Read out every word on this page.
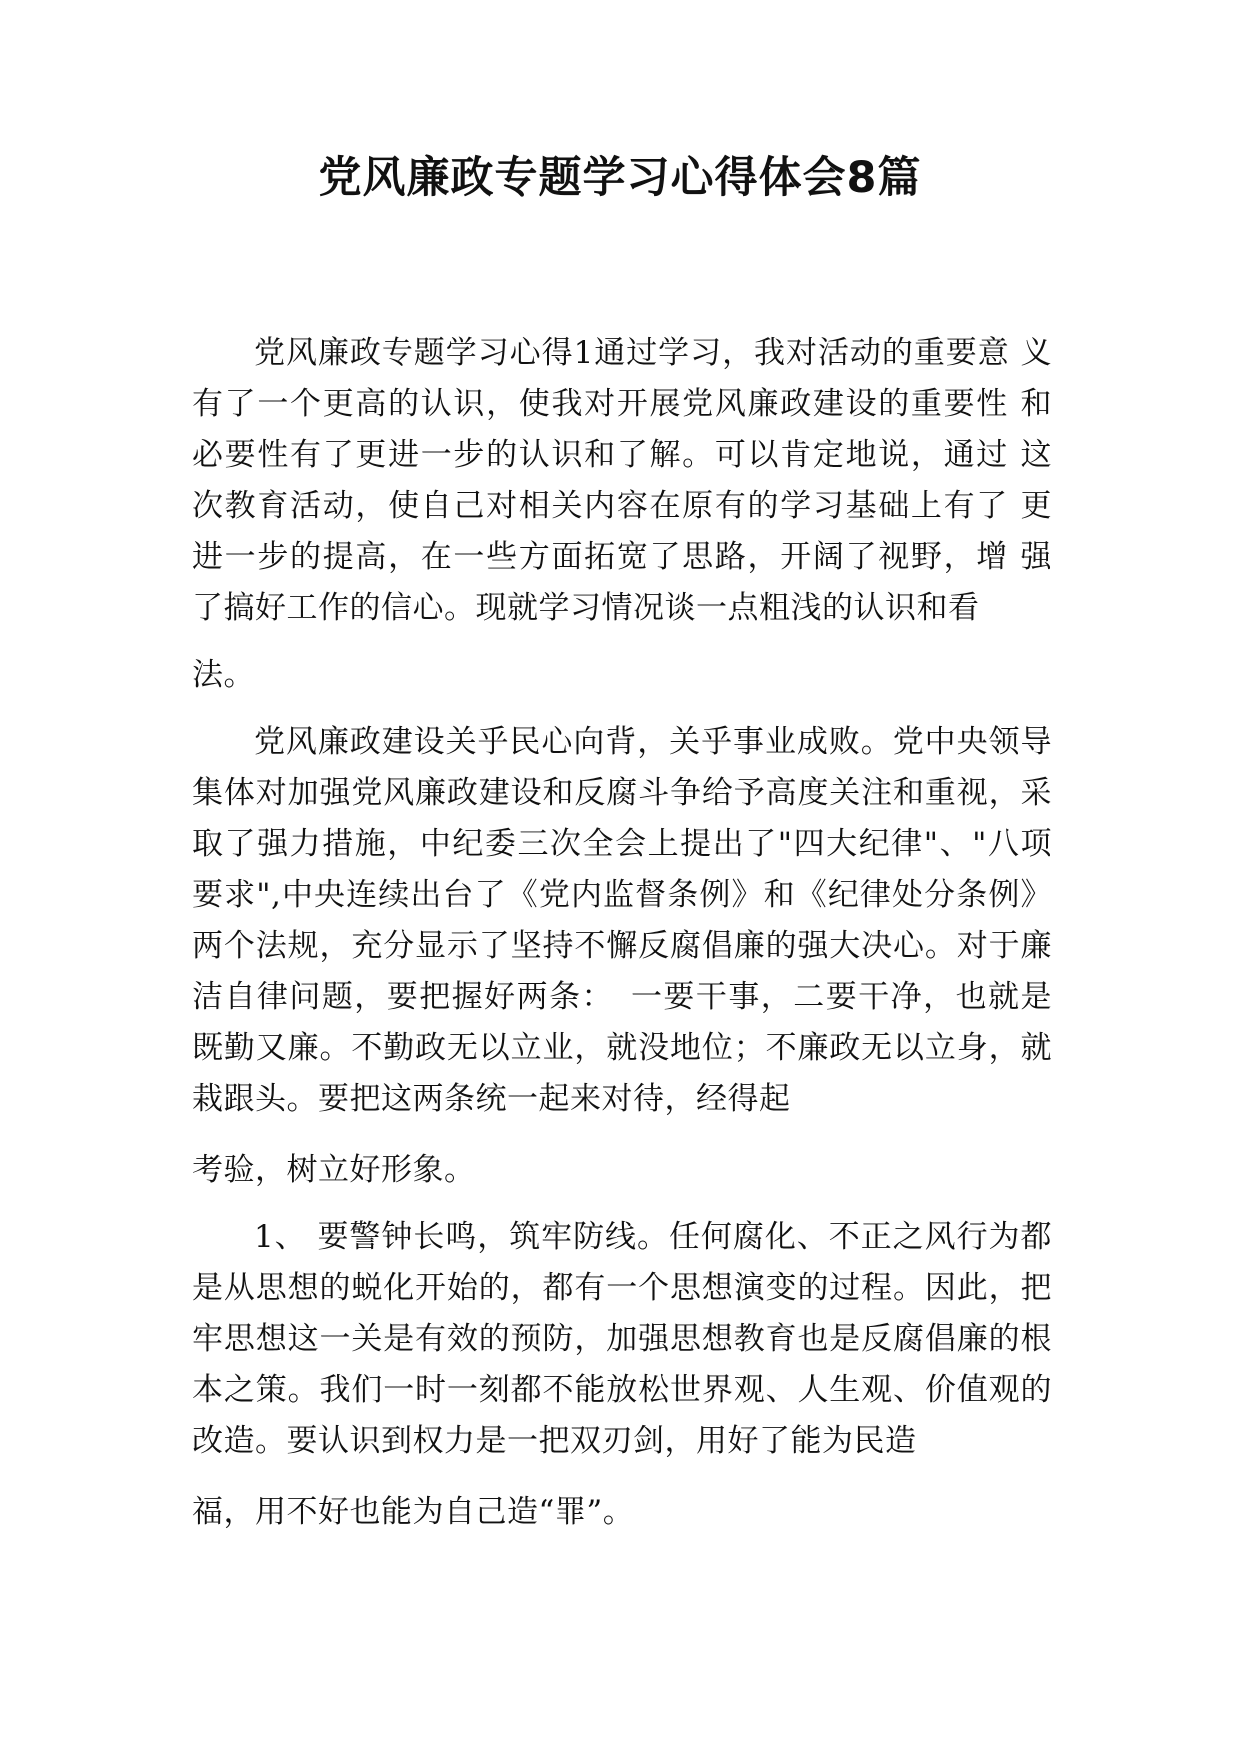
党风廉政专题学习心得体会8篇

党风廉政专题学习心得1通过学习，我对活动的重要意 义有了一个更高的认识，使我对开展党风廉政建设的重要性 和必要性有了更进一步的认识和了解。可以肯定地说，通过 这次教育活动，使自己对相关内容在原有的学习基础上有了 更进一步的提高，在一些方面拓宽了思路，开阔了视野，增 强了搞好工作的信心。现就学习情况谈一点粗浅的认识和看

法。

党风廉政建设关乎民心向背，关乎事业成败。党中央领导集体对加强党风廉政建设和反腐斗争给予高度关注和重视，采取了强力措施，中纪委三次全会上提出了"四大纪律"、"八项要求",中央连续出台了《党内监督条例》和《纪律处分条例》两个法规，充分显示了坚持不懈反腐倡廉的强大决心。对于廉洁自律问题，要把握好两条：　一要干事，二要干净，也就是既勤又廉。不勤政无以立业，就没地位；不廉政无以立身，就栽跟头。要把这两条统一起来对待，经得起

考验，树立好形象。

1、 要警钟长鸣，筑牢防线。任何腐化、不正之风行为都是从思想的蜕化开始的，都有一个思想演变的过程。因此，把牢思想这一关是有效的预防，加强思想教育也是反腐倡廉的根本之策。我们一时一刻都不能放松世界观、人生观、价值观的改造。要认识到权力是一把双刃剑，用好了能为民造

福，用不好也能为自己造“罪”。
